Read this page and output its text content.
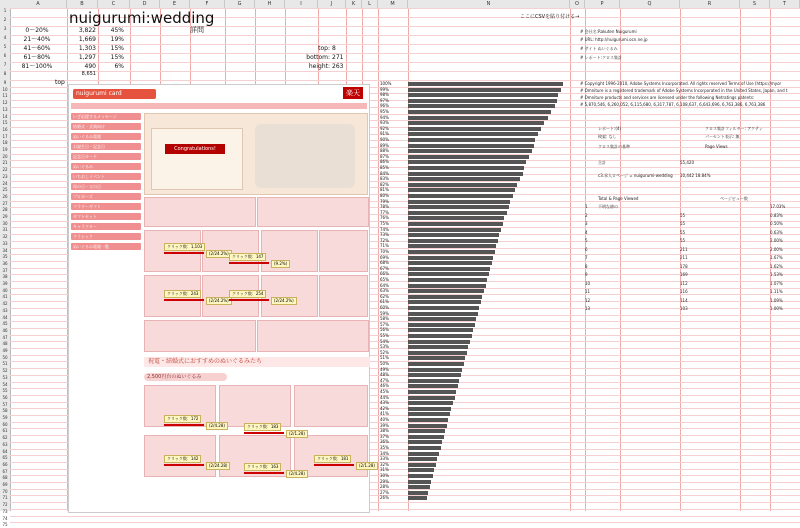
A	B	C	D	E	F	G	H	I	J	K	L	M	N	O	P	Q	R	S	T
1
2
3
4
5
6
7
8
9
10
11
12
13
14
15
16
17
18
19
20
21
22
23
24
25
26
27
28
29
30
31
32
33
34
35
36
37
38
39
40
41
42
43
44
45
46
47
48
49
50
51
52
53
54
55
56
57
58
59
60
61
62
63
64
65
66
67
68
69
70
71
72
73
74
75
nuigurumi:wedding
詳問
0〜20%	3,822	45%
21〜40%	1,669	19%
41〜60%	1,303	15%
61〜80%	1,297	15%
81〜100%	490	6%
8,651
top: 8
bottom: 271
height: 263
top
ここにCSVを貼り付ける→
# 会社名:Rakuten Nuigurumi
# URL: http://nuigurumi.ocn.ne.jp
# サイト ぬいぐるみ
# レポート:クロス集計
# Copyright 1996-2010, Adobe Systems Incorporated. All rights reserved Terms of Use (https://myor
# Omniture is a registered trademark of Adobe Systems Incorporated in the United States, Japan, and t
# Omniture products and services are licensed under the following Netratings patents:
# 5,870,546, 6,260,052, 6,115,680, 6,317,787, 6,108,637, 6,643,696, 6,763,386, 6,763,386
レポート:(4)	クロス集計フィルター: アクティ
検索: なし	パーセント表示: 無
クロス集計の基準	Page Views
合計	55,420
c3.承人ロページ = nuigurumi-wedding 10,442 18.84%
Total & Page Viewed	ページビュー数
1	不明な値の	17.03%
2	55	0.83%
3	55	0.50%
4	55	0.63%
5	55	2.00%
6	211	2.00%
7	211	1.67%
8	178	1.62%
9	169	1.53%
10	112	1.07%
11	116	1.11%
12	114	1.09%
13	103	1.00%
100%
99%
98%
97%
96%
95%
94%
93%
92%
91%
90%
89%
88%
87%
86%
85%
84%
83%
82%
81%
80%
79%
78%
77%
76%
75%
74%
73%
72%
71%
70%
69%
68%
67%
66%
65%
64%
63%
62%
61%
60%
59%
58%
57%
56%
55%
54%
53%
52%
51%
50%
49%
48%
47%
46%
45%
44%
43%
42%
41%
40%
39%
38%
37%
36%
35%
34%
33%
32%
31%
30%
29%
28%
27%
26%
nuigurumi card	楽天
いざ応援するメッセージ
結婚式・式典向け
ぬいぐるみ電報
お誕生日・記念日
記念日カード
ぬいぐるみ
いちおしイベント
母の日・父の日
プロポーズ
フラワーギフト
ギフトセット
キャラクター
クラシック
ぬいぐるみ電報一覧
Congratulations!
祝電・結婚式におすすめのぬいぐるみたち
2,500円台のぬいぐるみ
クリック数：1,103
(2/24.2%)
クリック数：147
(9.2%)
クリック数：243
(2/24.2%)
クリック数：254
(2/24.2%)
クリック数：172
(2/4.28)	クリック数：183
(2/1.28)
クリック数：142
(2/24.28)	クリック数：163
(2/4.28)
クリック数：181
(2/1.28)
